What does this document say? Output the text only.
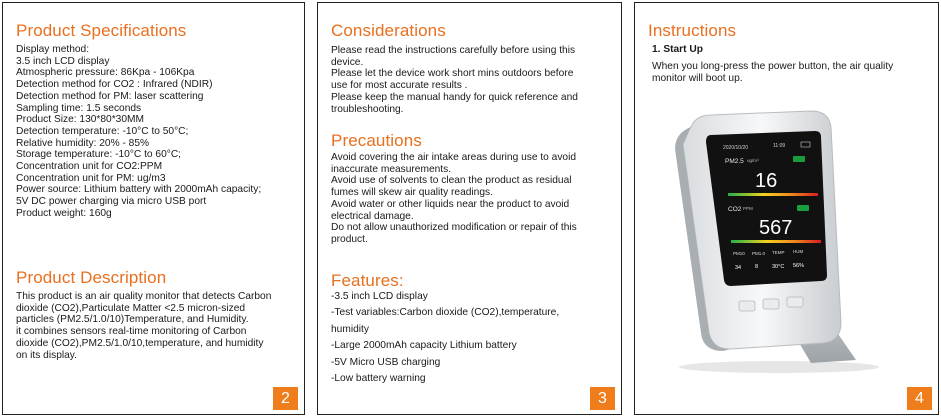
Product Specifications
Display method:
3.5 inch LCD display
Atmospheric pressure: 86Kpa - 106Kpa
Detection method for CO2 : Infrared (NDIR)
Detection method for PM: laser scattering
Sampling time: 1.5 seconds
Product Size: 130*80*30MM
Detection temperature: -10°C to 50°C;
Relative humidity: 20% - 85%
Storage temperature: -10°C to 60°C;
Concentration unit for CO2:PPM
Concentration unit for PM: ug/m3
Power source: Lithium battery with 2000mAh capacity;
5V DC power charging via micro USB port
Product weight: 160g
Product Description
This product is an air quality monitor that detects Carbon
dioxide (CO2),Particulate Matter <2.5 micron-sized
particles (PM2.5/1.0/10)Temperature, and Humidity.
it combines sensors real-time monitoring of Carbon
dioxide (CO2),PM2.5/1.0/10,temperature, and humidity
on its display.
2
Considerations
Please read the instructions carefully before using this
device.
Please let the device work short mins outdoors before
use for most accurate results .
Please keep the manual handy for quick reference and
troubleshooting.
Precautions
Avoid covering the air intake areas during use to avoid
inaccurate measurements.
Avoid use of solvents to clean the product as residual
fumes will skew air quality readings.
Avoid water or other liquids near the product to avoid
electrical damage.
Do not allow unauthorized modification or repair of this
product.
Features:
-3.5 inch LCD display
-Test variables:Carbon dioxide (CO2),temperature,
humidity
-Large 2000mAh capacity Lithium battery
-5V Micro USB charging
-Low battery warning
3
Instructions
1. Start Up
When you long-press the power button, the air quality
monitor will boot up.
2020/10/20	11:09
PM2.5 ug/m³
16
CO2 PPM
567
PM10 PM1.0 TEMP HUM
34	8	30°C 56%
4
